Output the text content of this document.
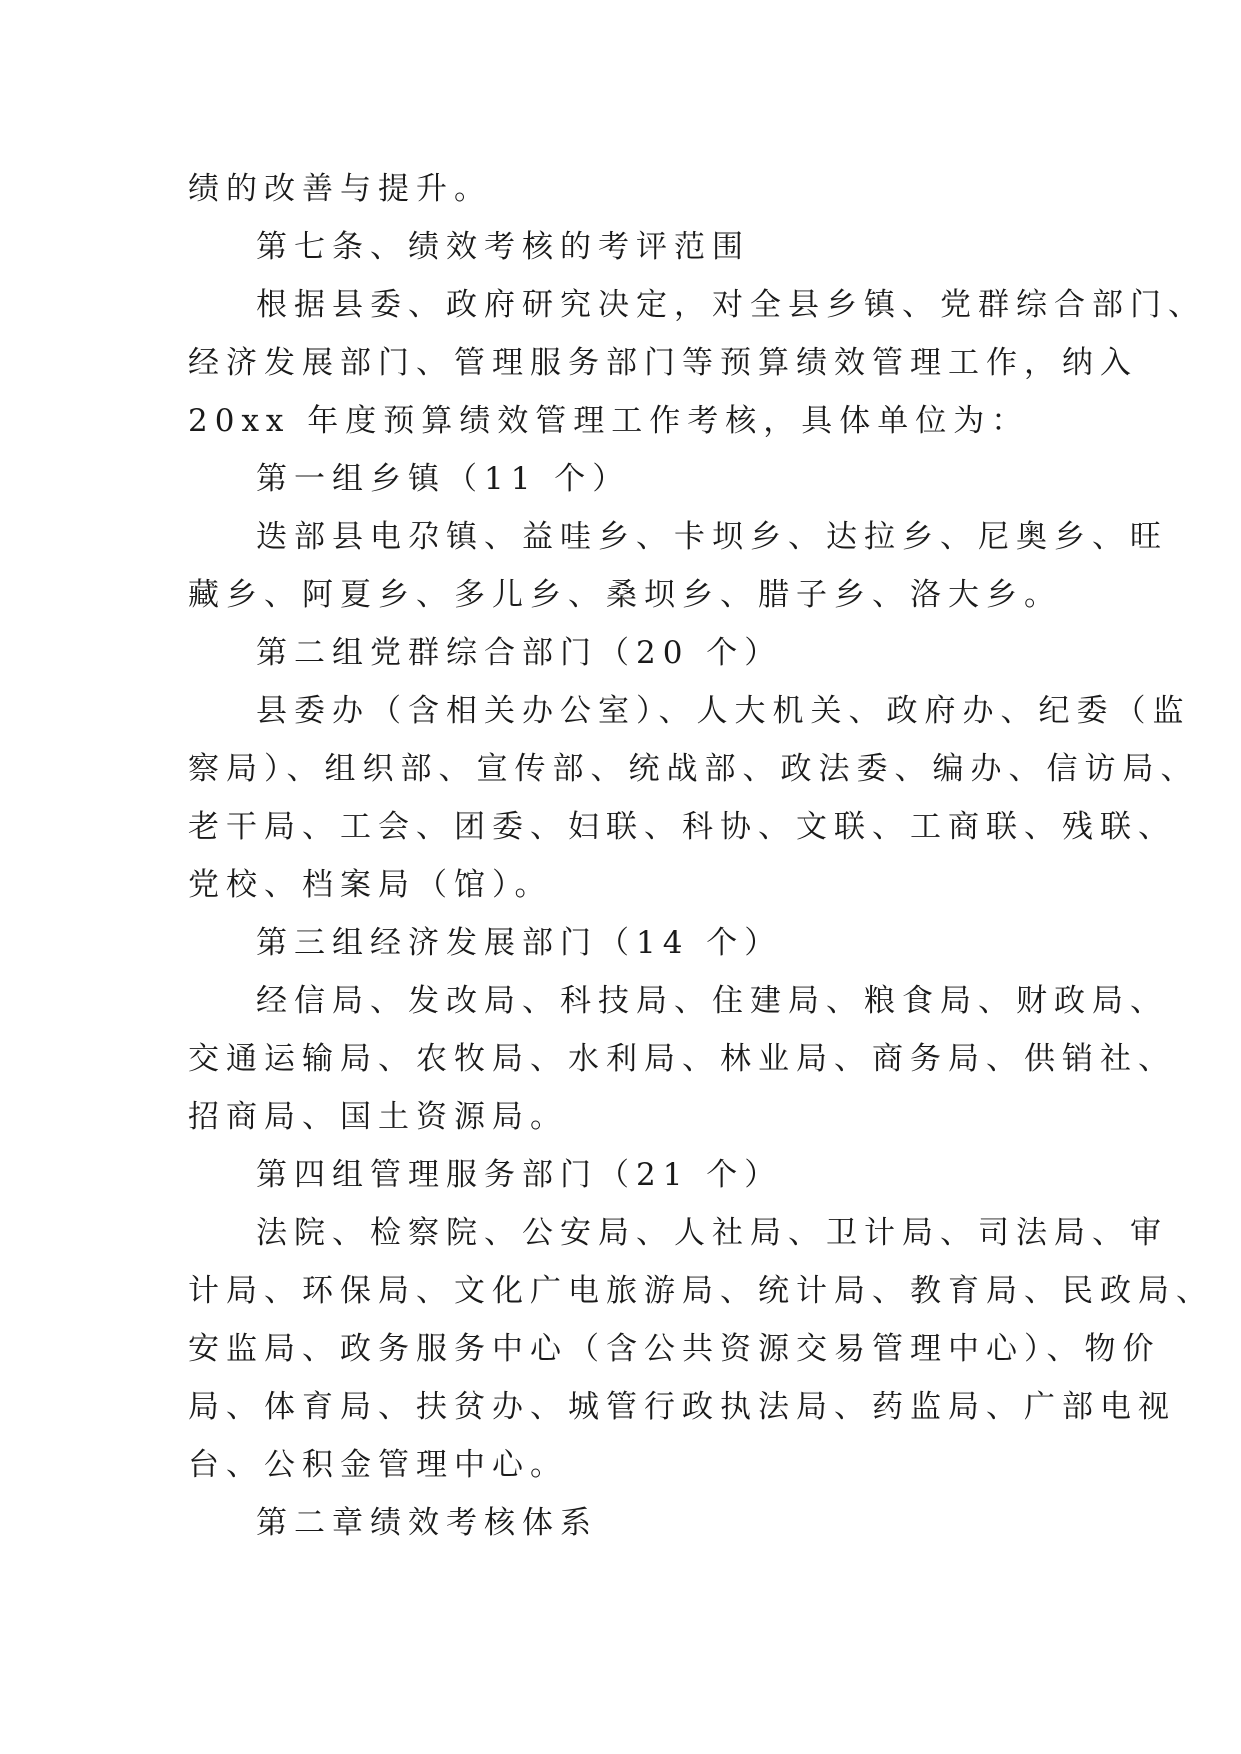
绩的改善与提升。
第七条、绩效考核的考评范围
根据县委、政府研究决定，对全县乡镇、党群综合部门、
经济发展部门、管理服务部门等预算绩效管理工作，纳入
20xx 年度预算绩效管理工作考核，具体单位为：
第一组乡镇（11 个）
迭部县电尕镇、益哇乡、卡坝乡、达拉乡、尼奥乡、旺
藏乡、阿夏乡、多儿乡、桑坝乡、腊子乡、洛大乡。
第二组党群综合部门（20 个）
县委办（含相关办公室）、人大机关、政府办、纪委（监
察局）、组织部、宣传部、统战部、政法委、编办、信访局、
老干局、工会、团委、妇联、科协、文联、工商联、残联、
党校、档案局（馆）。
第三组经济发展部门（14 个）
经信局、发改局、科技局、住建局、粮食局、财政局、
交通运输局、农牧局、水利局、林业局、商务局、供销社、
招商局、国土资源局。
第四组管理服务部门（21 个）
法院、检察院、公安局、人社局、卫计局、司法局、审
计局、环保局、文化广电旅游局、统计局、教育局、民政局、
安监局、政务服务中心（含公共资源交易管理中心）、物价
局、体育局、扶贫办、城管行政执法局、药监局、广部电视
台、公积金管理中心。
第二章绩效考核体系
